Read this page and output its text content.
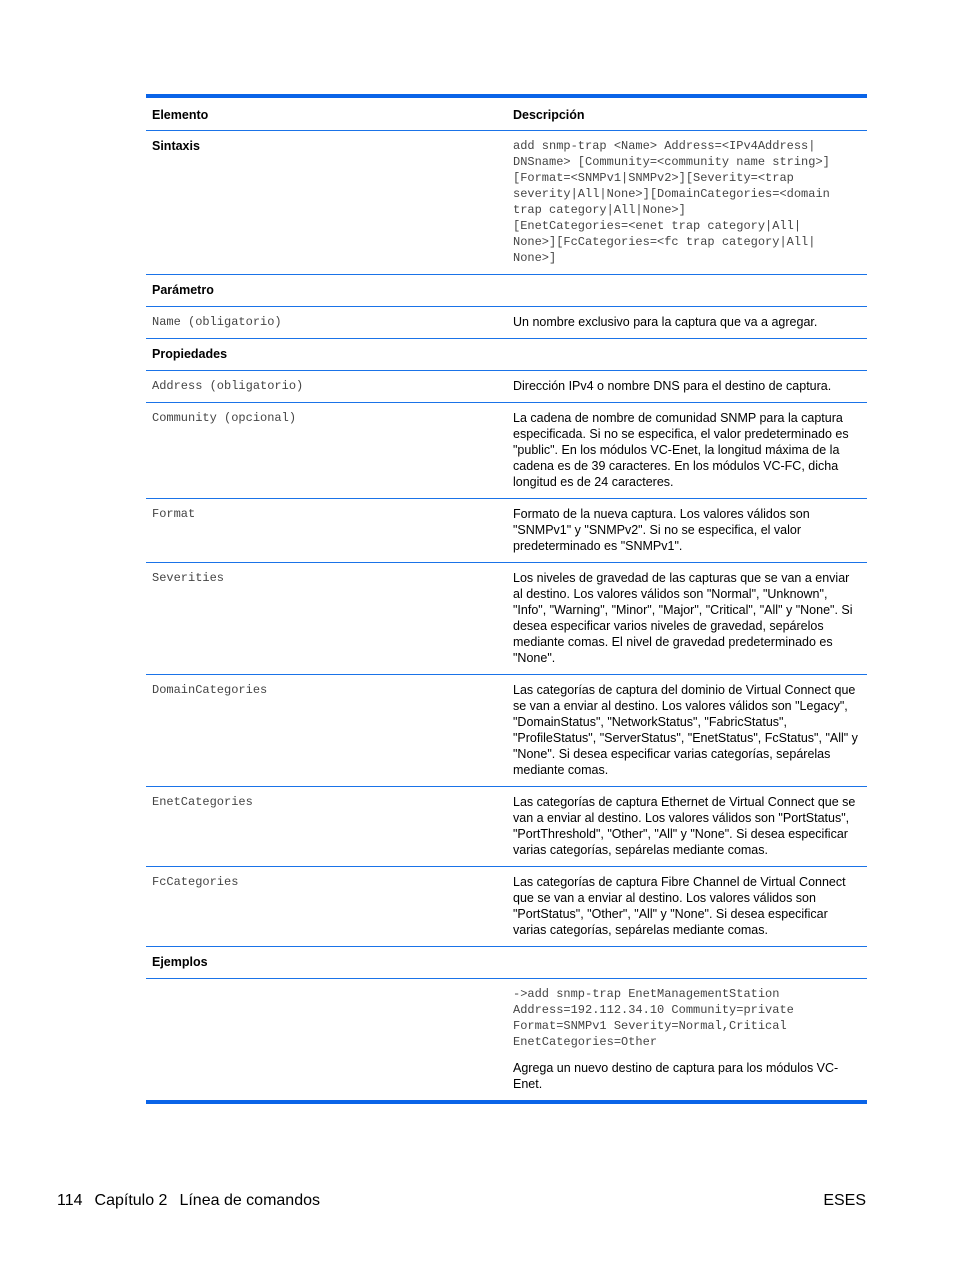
Elemento	Descripción
Sintaxis	add snmp-trap <Name> Address=<IPv4Address|
DNSname> [Community=<community name string>]
[Format=<SNMPv1|SNMPv2>][Severity=<trap
severity|All|None>][DomainCategories=<domain
trap category|All|None>]
[EnetCategories=<enet trap category|All|
None>][FcCategories=<fc trap category|All|
None>]
Parámetro
Name (obligatorio)	Un nombre exclusivo para la captura que va a agregar.
Propiedades
Address (obligatorio)	Dirección IPv4 o nombre DNS para el destino de captura.
Community (opcional)	La cadena de nombre de comunidad SNMP para la captura especificada. Si no se especifica, el valor predeterminado es "public". En los módulos VC-Enet, la longitud máxima de la cadena es de 39 caracteres. En los módulos VC-FC, dicha longitud es de 24 caracteres.
Format	Formato de la nueva captura. Los valores válidos son "SNMPv1" y "SNMPv2". Si no se especifica, el valor predeterminado es "SNMPv1".
Severities	Los niveles de gravedad de las capturas que se van a enviar al destino. Los valores válidos son "Normal", "Unknown", "Info", "Warning", "Minor", "Major", "Critical", "All" y "None". Si desea especificar varios niveles de gravedad, sepárelos mediante comas. El nivel de gravedad predeterminado es "None".
DomainCategories	Las categorías de captura del dominio de Virtual Connect que se van a enviar al destino. Los valores válidos son "Legacy", "DomainStatus", "NetworkStatus", "FabricStatus", "ProfileStatus", "ServerStatus", "EnetStatus", FcStatus", "All" y "None". Si desea especificar varias categorías, sepárelas mediante comas.
EnetCategories	Las categorías de captura Ethernet de Virtual Connect que se van a enviar al destino. Los valores válidos son "PortStatus", "PortThreshold", "Other", "All" y "None". Si desea especificar varias categorías, sepárelas mediante comas.
FcCategories	Las categorías de captura Fibre Channel de Virtual Connect que se van a enviar al destino. Los valores válidos son "PortStatus", "Other", "All" y "None". Si desea especificar varias categorías, sepárelas mediante comas.
Ejemplos
->add snmp-trap EnetManagementStation
Address=192.112.34.10 Community=private
Format=SNMPv1 Severity=Normal,Critical
EnetCategories=Other
Agrega un nuevo destino de captura para los módulos VC-Enet.
114 Capítulo 2 Línea de comandos	ESES
